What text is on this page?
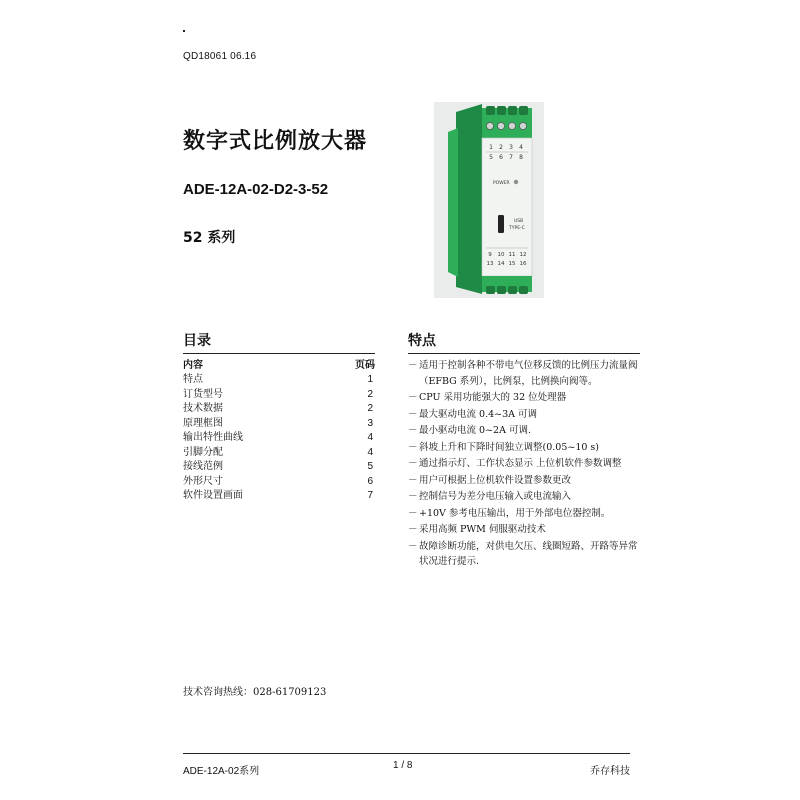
QD18061 06.16
数字式比例放大器
ADE-12A-02-D2-3-52
52 系列
1 2 3 4
5 6 7 8
POWER
USB
TYPE-C
9 10 11 12
13 14 15 16
目录
内容	页码
特点	1
订货型号	2
技术数据	2
原理框图	3
输出特性曲线	4
引脚分配	4
接线范例	5
外形尺寸	6
软件设置画面	7
特点
－ 适用于控制各种不带电气位移反馈的比例压力流量阀（EFBG 系列），比例泵，比例换向阀等。
－ CPU 采用功能强大的 32 位处理器
－ 最大驱动电流 0.4~3A 可调
－ 最小驱动电流 0~2A 可调.
－ 斜坡上升和下降时间独立调整(0.05~10 s)
－ 通过指示灯、工作状态显示 上位机软件参数调整
－ 用户可根据上位机软件设置参数更改
－ 控制信号为差分电压输入或电流输入
－ +10V 参考电压输出，用于外部电位器控制。
－ 采用高频 PWM 伺服驱动技术
－ 故障诊断功能，对供电欠压、线圈短路、开路等异常状况进行提示.
技术咨询热线：028-61709123
ADE-12A-02系列
1 / 8
乔存科技
